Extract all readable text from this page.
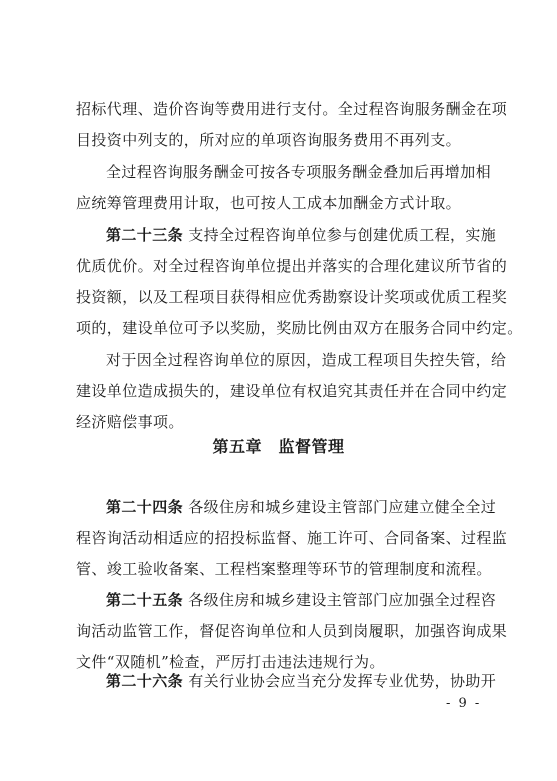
招标代理、造价咨询等费用进行支付。全过程咨询服务酬金在项
目投资中列支的，所对应的单项咨询服务费用不再列支。
全过程咨询服务酬金可按各专项服务酬金叠加后再增加相
应统筹管理费用计取，也可按人工成本加酬金方式计取。
第二十三条 支持全过程咨询单位参与创建优质工程，实施
优质优价。对全过程咨询单位提出并落实的合理化建议所节省的
投资额，以及工程项目获得相应优秀勘察设计奖项或优质工程奖
项的，建设单位可予以奖励，奖励比例由双方在服务合同中约定。
对于因全过程咨询单位的原因，造成工程项目失控失管，给
建设单位造成损失的，建设单位有权追究其责任并在合同中约定
经济赔偿事项。
第五章　监督管理
第二十四条 各级住房和城乡建设主管部门应建立健全全过
程咨询活动相适应的招投标监督、施工许可、合同备案、过程监
管、竣工验收备案、工程档案整理等环节的管理制度和流程。
第二十五条 各级住房和城乡建设主管部门应加强全过程咨
询活动监管工作，督促咨询单位和人员到岗履职，加强咨询成果
文件“双随机”检查，严厉打击违法违规行为。
第二十六条 有关行业协会应当充分发挥专业优势，协助开
- 9 -
